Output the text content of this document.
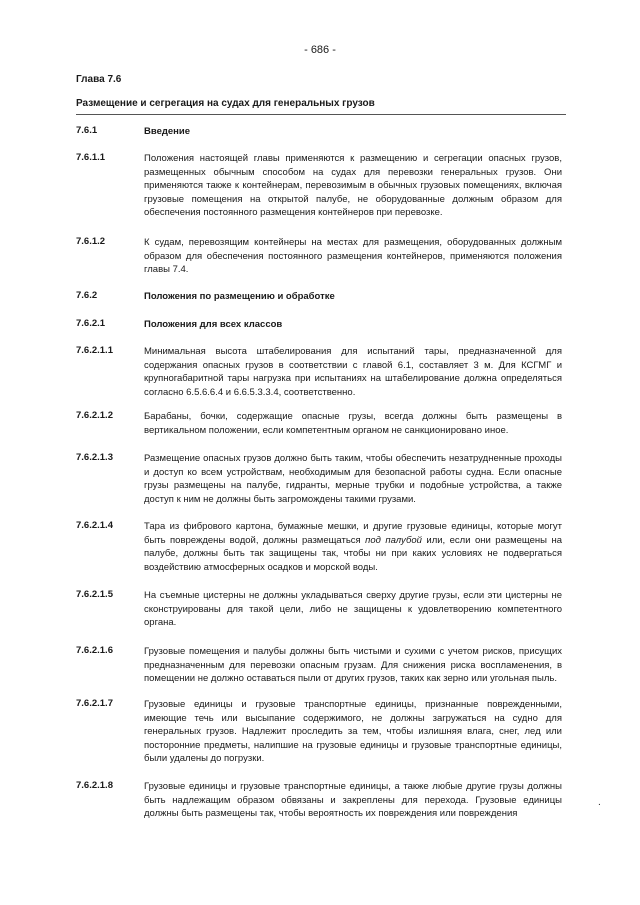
- 686 -
Глава 7.6
Размещение и сегрегация на судах для генеральных грузов
7.6.1	Введение
7.6.1.1	Положения настоящей главы применяются к размещению и сегрегации опасных грузов, размещенных обычным способом на судах для перевозки генеральных грузов. Они применяются также к контейнерам, перевозимым в обычных грузовых помещениях, включая грузовые помещения на открытой палубе, не оборудованные должным образом для обеспечения постоянного размещения контейнеров при перевозке.
7.6.1.2	К судам, перевозящим контейнеры на местах для размещения, оборудованных должным образом для обеспечения постоянного размещения контейнеров, применяются положения главы 7.4.
7.6.2	Положения по размещению и обработке
7.6.2.1	Положения для всех классов
7.6.2.1.1	Минимальная высота штабелирования для испытаний тары, предназначенной для содержания опасных грузов в соответствии с главой 6.1, составляет 3 м. Для КСГМГ и крупногабаритной тары нагрузка при испытаниях на штабелирование должна определяться согласно 6.5.6.6.4 и 6.6.5.3.3.4, соответственно.
7.6.2.1.2	Барабаны, бочки, содержащие опасные грузы, всегда должны быть размещены в вертикальном положении, если компетентным органом не санкционировано иное.
7.6.2.1.3	Размещение опасных грузов должно быть таким, чтобы обеспечить незатрудненные проходы и доступ ко всем устройствам, необходимым для безопасной работы судна. Если опасные грузы размещены на палубе, гидранты, мерные трубки и подобные устройства, а также доступ к ним не должны быть загромождены такими грузами.
7.6.2.1.4	Тара из фибрового картона, бумажные мешки, и другие грузовые единицы, которые могут быть повреждены водой, должны размещаться под палубой или, если они размещены на палубе, должны быть так защищены так, чтобы ни при каких условиях не подвергаться воздействию атмосферных осадков и морской воды.
7.6.2.1.5	На съемные цистерны не должны укладываться сверху другие грузы, если эти цистерны не сконструированы для такой цели, либо не защищены к удовлетворению компетентного органа.
7.6.2.1.6	Грузовые помещения и палубы должны быть чистыми и сухими с учетом рисков, присущих предназначенным для перевозки опасным грузам. Для снижения риска воспламенения, в помещении не должно оставаться пыли от других грузов, таких как зерно или угольная пыль.
7.6.2.1.7	Грузовые единицы и грузовые транспортные единицы, признанные поврежденными, имеющие течь или высыпание содержимого, не должны загружаться на судно для генеральных грузов. Надлежит проследить за тем, чтобы излишняя влага, снег, лед или посторонние предметы, налипшие на грузовые единицы и грузовые транспортные единицы, были удалены до погрузки.
7.6.2.1.8	Грузовые единицы и грузовые транспортные единицы, а также любые другие грузы должны быть надлежащим образом обвязаны и закреплены для перехода. Грузовые единицы должны быть размещены так, чтобы вероятность их повреждения или повреждения
.
